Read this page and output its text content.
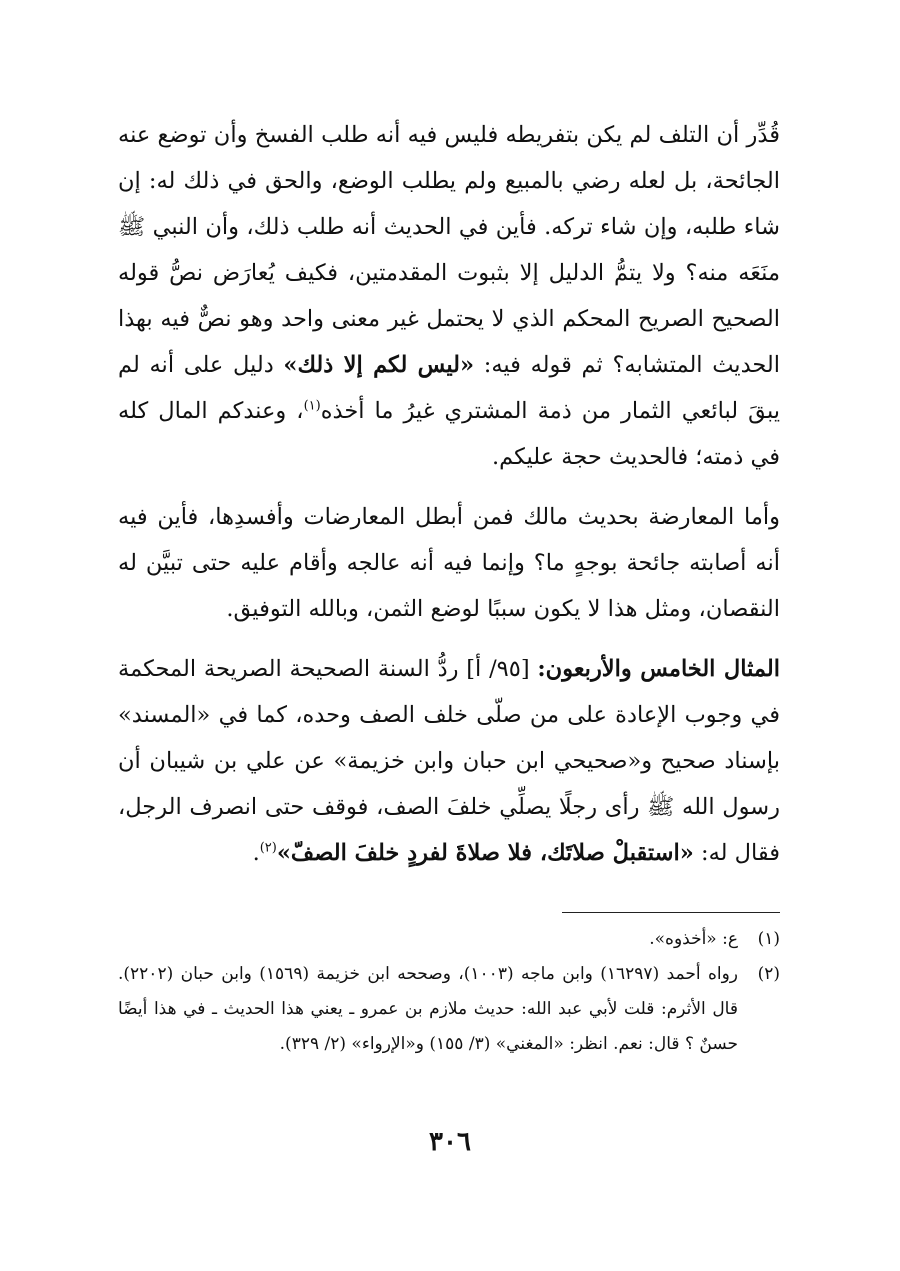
قُدِّر أن التلف لم يكن بتفريطه فليس فيه أنه طلب الفسخ وأن توضع عنه الجائحة، بل لعله رضي بالمبيع ولم يطلب الوضع، والحق في ذلك له: إن شاء طلبه، وإن شاء تركه. فأين في الحديث أنه طلب ذلك، وأن النبي ﷺ منَعَه منه؟ ولا يتمُّ الدليل إلا بثبوت المقدمتين، فكيف يُعارَض نصُّ قوله الصحيح الصريح المحكم الذي لا يحتمل غير معنى واحد وهو نصٌّ فيه بهذا الحديث المتشابه؟ ثم قوله فيه: «ليس لكم إلا ذلك» دليل على أنه لم يبقَ لبائعي الثمار من ذمة المشتري غيرُ ما أخذه$^{(١)}$، وعندكم المال كله في ذمته؛ فالحديث حجة عليكم.

وأما المعارضة بحديث مالك فمن أبطل المعارضات وأفسدِها، فأين فيه أنه أصابته جائحة بوجهٍ ما؟ وإنما فيه أنه عالجه وأقام عليه حتى تبيَّن له النقصان، ومثل هذا لا يكون سببًا لوضع الثمن، وبالله التوفيق.

المثال الخامس والأربعون: [٩٥/ أ] ردُّ السنة الصحيحة الصريحة المحكمة في وجوب الإعادة على من صلّى خلف الصف وحده، كما في «المسند» بإسناد صحيح و«صحيحي ابن حبان وابن خزيمة» عن علي بن شيبان أن رسول الله ﷺ رأى رجلًا يصلِّي خلفَ الصف، فوقف حتى انصرف الرجل، فقال له: «استقبلْ صلاتَك، فلا صلاةَ لفردٍ خلفَ الصفّ»$^{(٢)}$.

(١)
ع: «أخذوه».

(٢)
رواه أحمد (١٦٢٩٧) وابن ماجه (١٠٠٣)، وصححه ابن خزيمة (١٥٦٩) وابن حبان (٢٢٠٢). قال الأثرم: قلت لأبي عبد الله: حديث ملازم بن عمرو ـ يعني هذا الحديث ـ في هذا أيضًا حسنٌ ؟ قال: نعم. انظر: «المغني» (٣/ ١٥٥) و«الإرواء» (٢/ ٣٢٩).

٣٠٦
